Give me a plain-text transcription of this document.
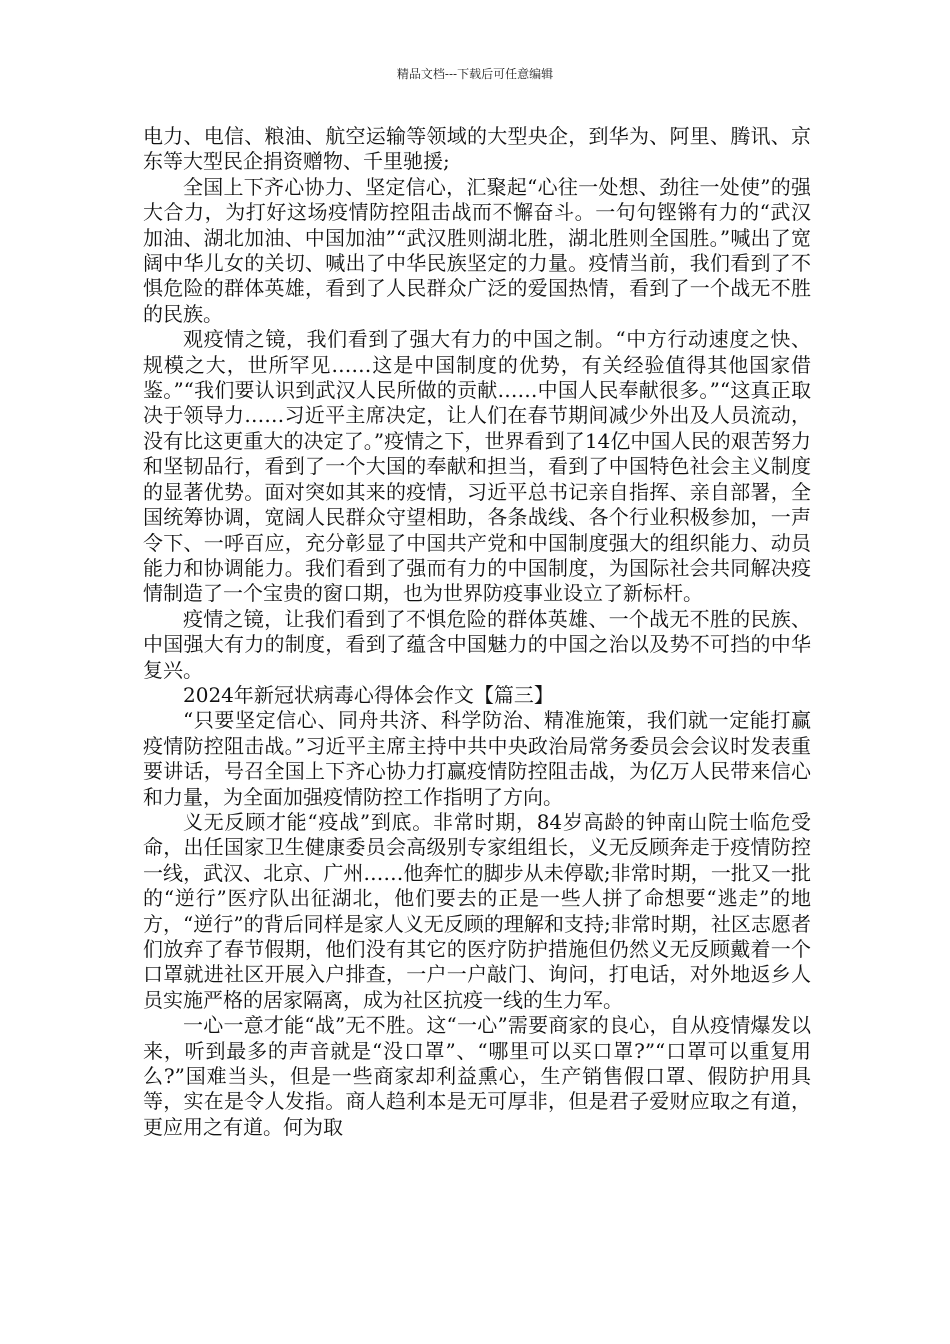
精品文档---下载后可任意编辑

电力、电信、粮油、航空运输等领域的大型央企，到华为、阿里、腾讯、京东等大型民企捐资赠物、千里驰援;

全国上下齐心协力、坚定信心，汇聚起“心往一处想、劲往一处使”的强大合力，为打好这场疫情防控阻击战而不懈奋斗。一句句铿锵有力的“武汉加油、湖北加油、中国加油”“武汉胜则湖北胜，湖北胜则全国胜。”喊出了宽阔中华儿女的关切、喊出了中华民族坚定的力量。疫情当前，我们看到了不惧危险的群体英雄，看到了人民群众广泛的爱国热情，看到了一个战无不胜的民族。

观疫情之镜，我们看到了强大有力的中国之制。“中方行动速度之快、规模之大，世所罕见……这是中国制度的优势，有关经验值得其他国家借鉴。”“我们要认识到武汉人民所做的贡献……中国人民奉献很多。”“这真正取决于领导力……习近平主席决定，让人们在春节期间减少外出及人员流动，没有比这更重大的决定了。”疫情之下，世界看到了14亿中国人民的艰苦努力和坚韧品行，看到了一个大国的奉献和担当，看到了中国特色社会主义制度的显著优势。面对突如其来的疫情，习近平总书记亲自指挥、亲自部署，全国统筹协调，宽阔人民群众守望相助，各条战线、各个行业积极参加，一声令下、一呼百应，充分彰显了中国共产党和中国制度强大的组织能力、动员能力和协调能力。我们看到了强而有力的中国制度，为国际社会共同解决疫情制造了一个宝贵的窗口期，也为世界防疫事业设立了新标杆。

疫情之镜，让我们看到了不惧危险的群体英雄、一个战无不胜的民族、中国强大有力的制度，看到了蕴含中国魅力的中国之治以及势不可挡的中华复兴。

2024年新冠状病毒心得体会作文【篇三】

“只要坚定信心、同舟共济、科学防治、精准施策，我们就一定能打赢疫情防控阻击战。”习近平主席主持中共中央政治局常务委员会会议时发表重要讲话，号召全国上下齐心协力打赢疫情防控阻击战，为亿万人民带来信心和力量，为全面加强疫情防控工作指明了方向。

义无反顾才能“疫战”到底。非常时期，84岁高龄的钟南山院士临危受命，出任国家卫生健康委员会高级别专家组组长，义无反顾奔走于疫情防控一线，武汉、北京、广州……他奔忙的脚步从未停歇;非常时期，一批又一批的“逆行”医疗队出征湖北，他们要去的正是一些人拼了命想要“逃走”的地方，“逆行”的背后同样是家人义无反顾的理解和支持;非常时期，社区志愿者们放弃了春节假期，他们没有其它的医疗防护措施但仍然义无反顾戴着一个口罩就进社区开展入户排查，一户一户敲门、询问，打电话，对外地返乡人员实施严格的居家隔离，成为社区抗疫一线的生力军。

一心一意才能“战”无不胜。这“一心”需要商家的良心，自从疫情爆发以来，听到最多的声音就是“没口罩”、“哪里可以买口罩?”“口罩可以重复用么?”国难当头，但是一些商家却利益熏心，生产销售假口罩、假防护用具等，实在是令人发指。商人趋利本是无可厚非，但是君子爱财应取之有道，更应用之有道。何为取
